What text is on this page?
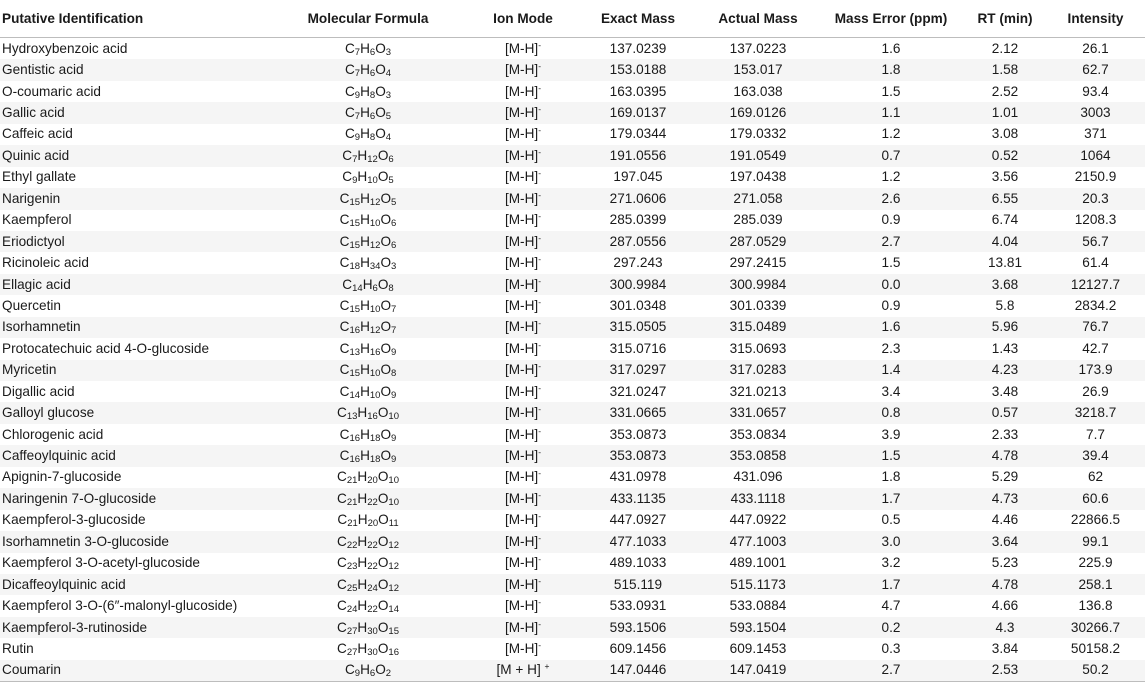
Putative Identification	Molecular Formula	Ion Mode	Exact Mass	Actual Mass	Mass Error (ppm)	RT (min)	Intensity
Hydroxybenzoic acid	$C_7H_6O_3$	[M-H]-	137.0239	137.0223	1.6	2.12	26.1
Gentistic acid	$C_7H_6O_4$	[M-H]-	153.0188	153.017	1.8	1.58	62.7
O-coumaric acid	$C_9H_8O_3$	[M-H]-	163.0395	163.038	1.5	2.52	93.4
Gallic acid	$C_7H_6O_5$	[M-H]-	169.0137	169.0126	1.1	1.01	3003
Caffeic acid	$C_9H_8O_4$	[M-H]-	179.0344	179.0332	1.2	3.08	371
Quinic acid	$C_7H_{12}O_6$	[M-H]-	191.0556	191.0549	0.7	0.52	1064
Ethyl gallate	$C_9H_{10}O_5$	[M-H]-	197.045	197.0438	1.2	3.56	2150.9
Narigenin	$C_{15}H_{12}O_5$	[M-H]-	271.0606	271.058	2.6	6.55	20.3
Kaempferol	$C_{15}H_{10}O_6$	[M-H]-	285.0399	285.039	0.9	6.74	1208.3
Eriodictyol	$C_{15}H_{12}O_6$	[M-H]-	287.0556	287.0529	2.7	4.04	56.7
Ricinoleic acid	$C_{18}H_{34}O_3$	[M-H]-	297.243	297.2415	1.5	13.81	61.4
Ellagic acid	$C_{14}H_6O_8$	[M-H]-	300.9984	300.9984	0.0	3.68	12127.7
Quercetin	$C_{15}H_{10}O_7$	[M-H]-	301.0348	301.0339	0.9	5.8	2834.2
Isorhamnetin	$C_{16}H_{12}O_7$	[M-H]-	315.0505	315.0489	1.6	5.96	76.7
Protocatechuic acid 4-O-glucoside	$C_{13}H_{16}O_9$	[M-H]-	315.0716	315.0693	2.3	1.43	42.7
Myricetin	$C_{15}H_{10}O_8$	[M-H]-	317.0297	317.0283	1.4	4.23	173.9
Digallic acid	$C_{14}H_{10}O_9$	[M-H]-	321.0247	321.0213	3.4	3.48	26.9
Galloyl glucose	$C_{13}H_{16}O_{10}$	[M-H]-	331.0665	331.0657	0.8	0.57	3218.7
Chlorogenic acid	$C_{16}H_{18}O_9$	[M-H]-	353.0873	353.0834	3.9	2.33	7.7
Caffeoylquinic acid	$C_{16}H_{18}O_9$	[M-H]-	353.0873	353.0858	1.5	4.78	39.4
Apignin-7-glucoside	$C_{21}H_{20}O_{10}$	[M-H]-	431.0978	431.096	1.8	5.29	62
Naringenin 7-O-glucoside	$C_{21}H_{22}O_{10}$	[M-H]-	433.1135	433.1118	1.7	4.73	60.6
Kaempferol-3-glucoside	$C_{21}H_{20}O_{11}$	[M-H]-	447.0927	447.0922	0.5	4.46	22866.5
Isorhamnetin 3-O-glucoside	$C_{22}H_{22}O_{12}$	[M-H]-	477.1033	477.1003	3.0	3.64	99.1
Kaempferol 3-O-acetyl-glucoside	$C_{23}H_{22}O_{12}$	[M-H]-	489.1033	489.1001	3.2	5.23	225.9
Dicaffeoylquinic acid	$C_{25}H_{24}O_{12}$	[M-H]-	515.119	515.1173	1.7	4.78	258.1
Kaempferol 3-O-(6″-malonyl-glucoside)	$C_{24}H_{22}O_{14}$	[M-H]-	533.0931	533.0884	4.7	4.66	136.8
Kaempferol-3-rutinoside	$C_{27}H_{30}O_{15}$	[M-H]-	593.1506	593.1504	0.2	4.3	30266.7
Rutin	$C_{27}H_{30}O_{16}$	[M-H]-	609.1456	609.1453	0.3	3.84	50158.2
Coumarin	$C_9H_6O_2$	[M + H] +	147.0446	147.0419	2.7	2.53	50.2
